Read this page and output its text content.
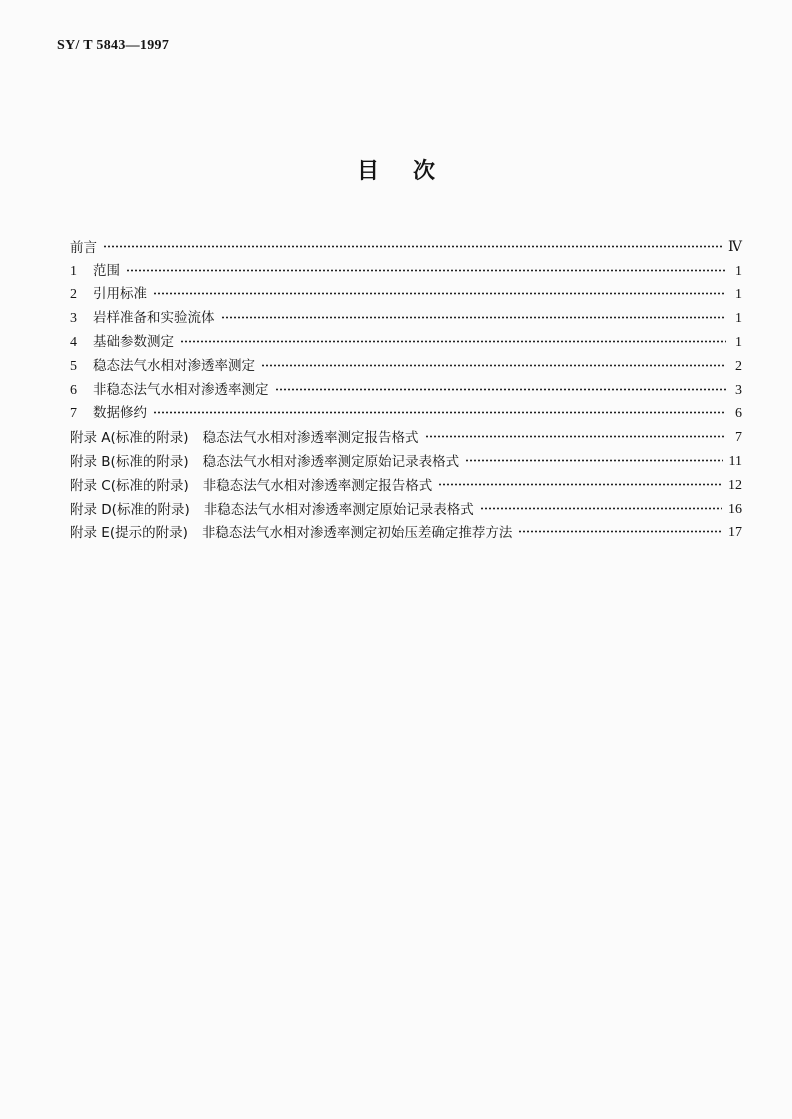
SY/ T 5843—1997
目次
前言	Ⅳ
1 范围	1
2 引用标准	1
3 岩样准备和实验流体	1
4 基础参数测定	1
5 稳态法气水相对渗透率测定	2
6 非稳态法气水相对渗透率测定	3
7 数据修约	6
附录 A(标准的附录) 稳态法气水相对渗透率测定报告格式	7
附录 B(标准的附录) 稳态法气水相对渗透率测定原始记录表格式	11
附录 C(标准的附录) 非稳态法气水相对渗透率测定报告格式	12
附录 D(标准的附录) 非稳态法气水相对渗透率测定原始记录表格式	16
附录 E(提示的附录) 非稳态法气水相对渗透率测定初始压差确定推荐方法	17
